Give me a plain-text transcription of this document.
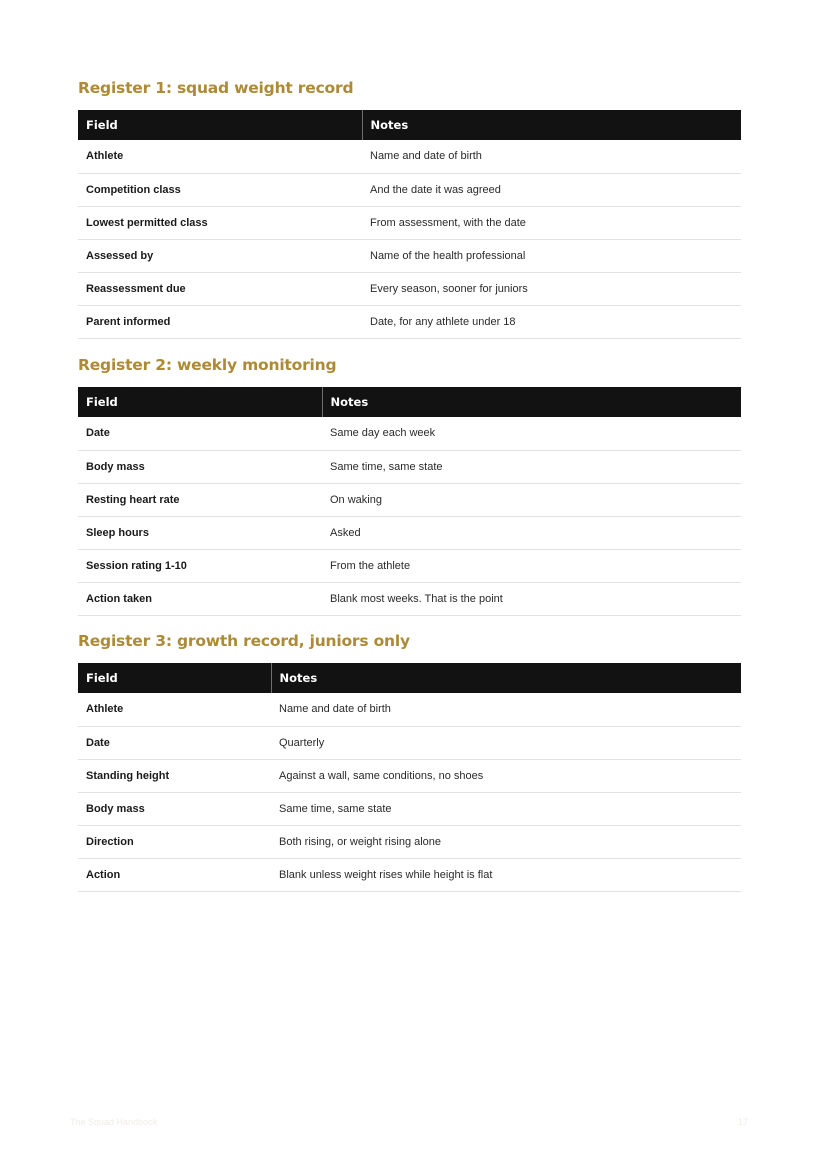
Register 1: squad weight record
Field	Notes
Athlete	Name and date of birth
Competition class	And the date it was agreed
Lowest permitted class	From assessment, with the date
Assessed by	Name of the health professional
Reassessment due	Every season, sooner for juniors
Parent informed	Date, for any athlete under 18
Register 2: weekly monitoring
Field	Notes
Date	Same day each week
Body mass	Same time, same state
Resting heart rate	On waking
Sleep hours	Asked
Session rating 1-10	From the athlete
Action taken	Blank most weeks. That is the point
Register 3: growth record, juniors only
Field	Notes
Athlete	Name and date of birth
Date	Quarterly
Standing height	Against a wall, same conditions, no shoes
Body mass	Same time, same state
Direction	Both rising, or weight rising alone
Action	Blank unless weight rises while height is flat
The Squad Handbook	17
